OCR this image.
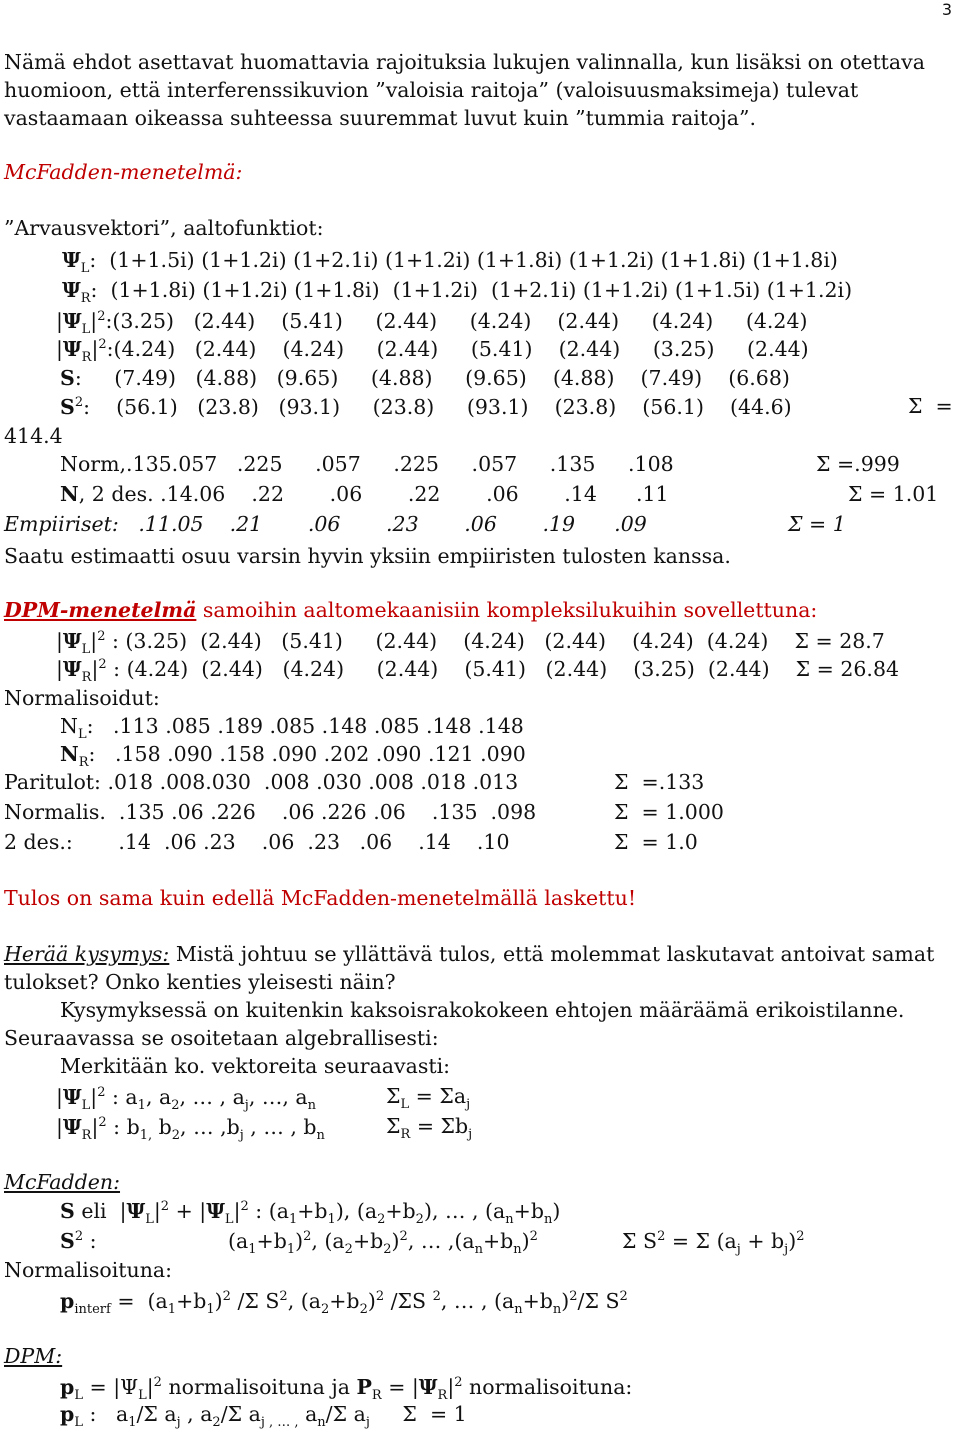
3
Nämä ehdot asettavat huomattavia rajoituksia lukujen valinnalla, kun lisäksi on otettava
huomioon, että interferenssikuvion ”valoisia raitoja” (valoisuusmaksimeja) tulevat
vastaamaan oikeassa suhteessa suuremmat luvut kuin ”tummia raitoja”.
McFadden-menetelmä:
”Arvausvektori”, aaltofunktiot:
$\Psi_L$:  (1+1.5i) (1+1.2i) (1+2.1i) (1+1.2i) (1+1.8i) (1+1.2i) (1+1.8i) (1+1.8i)
$\Psi_R$:  (1+1.8i) (1+1.2i) (1+1.8i)  (1+1.2i)  (1+2.1i) (1+1.2i) (1+1.5i) (1+1.2i)
$|\Psi_L|^2:(3.25)$   (2.44)    (5.41)     (2.44)     (4.24)    (2.44)     (4.24)     (4.24)
$|\Psi_R|^2:(4.24)$   (2.44)    (4.24)     (2.44)     (5.41)    (2.44)     (3.25)     (2.44)
S:     (7.49)   (4.88)   (9.65)     (4.88)     (9.65)    (4.88)    (7.49)    (6.68)
$S^2$:    (56.1)   (23.8)   (93.1)     (23.8)     (93.1)    (23.8)    (56.1)    (44.6)	Σ  =
414.4
Norm,.135.057   .225     .057     .225     .057     .135     .108	Σ =.999
N, 2 des. .14.06    .22       .06       .22       .06       .14      .11	Σ = 1.01
Empiiriset:   .11.05    .21       .06       .23       .06       .19      .09	Σ = 1
Saatu estimaatti osuu varsin hyvin yksiin empiiristen tulosten kanssa.
DPM-menetelmä samoihin aaltomekaanisiin kompleksilukuihin sovellettuna:
$|\Psi_L|^2$ : (3.25)  (2.44)   (5.41)     (2.44)    (4.24)   (2.44)    (4.24)  (4.24)    Σ = 28.7
$|\Psi_R|^2$ : (4.24)  (2.44)   (4.24)     (2.44)    (5.41)   (2.44)    (3.25)  (2.44)    Σ = 26.84
Normalisoidut:
$N_L$:   .113 .085 .189 .085 .148 .085 .148 .148
$N_R$:   .158 .090 .158 .090 .202 .090 .121 .090
Paritulot: .018 .008.030  .008 .030 .008 .018 .013	Σ  =.133
Normalis.  .135 .06 .226    .06 .226 .06    .135  .098	Σ  = 1.000
2 des.:       .14  .06 .23    .06  .23   .06    .14    .10	Σ  = 1.0
Tulos on sama kuin edellä McFadden-menetelmällä laskettu!
Herää kysymys: Mistä johtuu se yllättävä tulos, että molemmat laskutavat antoivat samat
tulokset? Onko kenties yleisesti näin?
Kysymyksessä on kuitenkin kaksoisrakokokeen ehtojen määräämä erikoistilanne.
Seuraavassa se osoitetaan algebrallisesti:
Merkitään ko. vektoreita seuraavasti:
$|\Psi_L|^2$ : $a_1$, $a_2$, … , $a_j$, …, $a_n$	$\Sigma_L = \Sigma a_j$
$|\Psi_R|^2$ : $b_{1,}$ $b_2$, … $,b_j$ , … , $b_n$	$\Sigma_R = \Sigma b_j$
McFadden:
S eli  $|\Psi_L|^2 + |\Psi_L|^2$ : $(a_1+b_1)$, $(a_2+b_2)$, … , $(a_n+b_n)$
$S^2$ :	$(a_1+b_1)^2$, $(a_2+b_2)^2$, … $,(a_n+b_n)^2$	Σ $S^2 = \Sigma$ $(a_j + b_j)^2$
Normalisoituna:
$p_{interf} = (a_1+b_1)^2$ /Σ $S^2$, $(a_2+b_2)^2$ /ΣS $^2$, … , $(a_n+b_n)^2/\Sigma$ $S^2$
DPM:
$p_L = |\Psi_L|^2$ normalisoituna ja $P_R = |\Psi_R|^2$ normalisoituna:
$p_L$ :   $a_1/\Sigma$ $a_j$ , $a_2/\Sigma$ $a_{j , \dots ,}$ $a_n/\Sigma$ $a_j$     Σ  = 1
